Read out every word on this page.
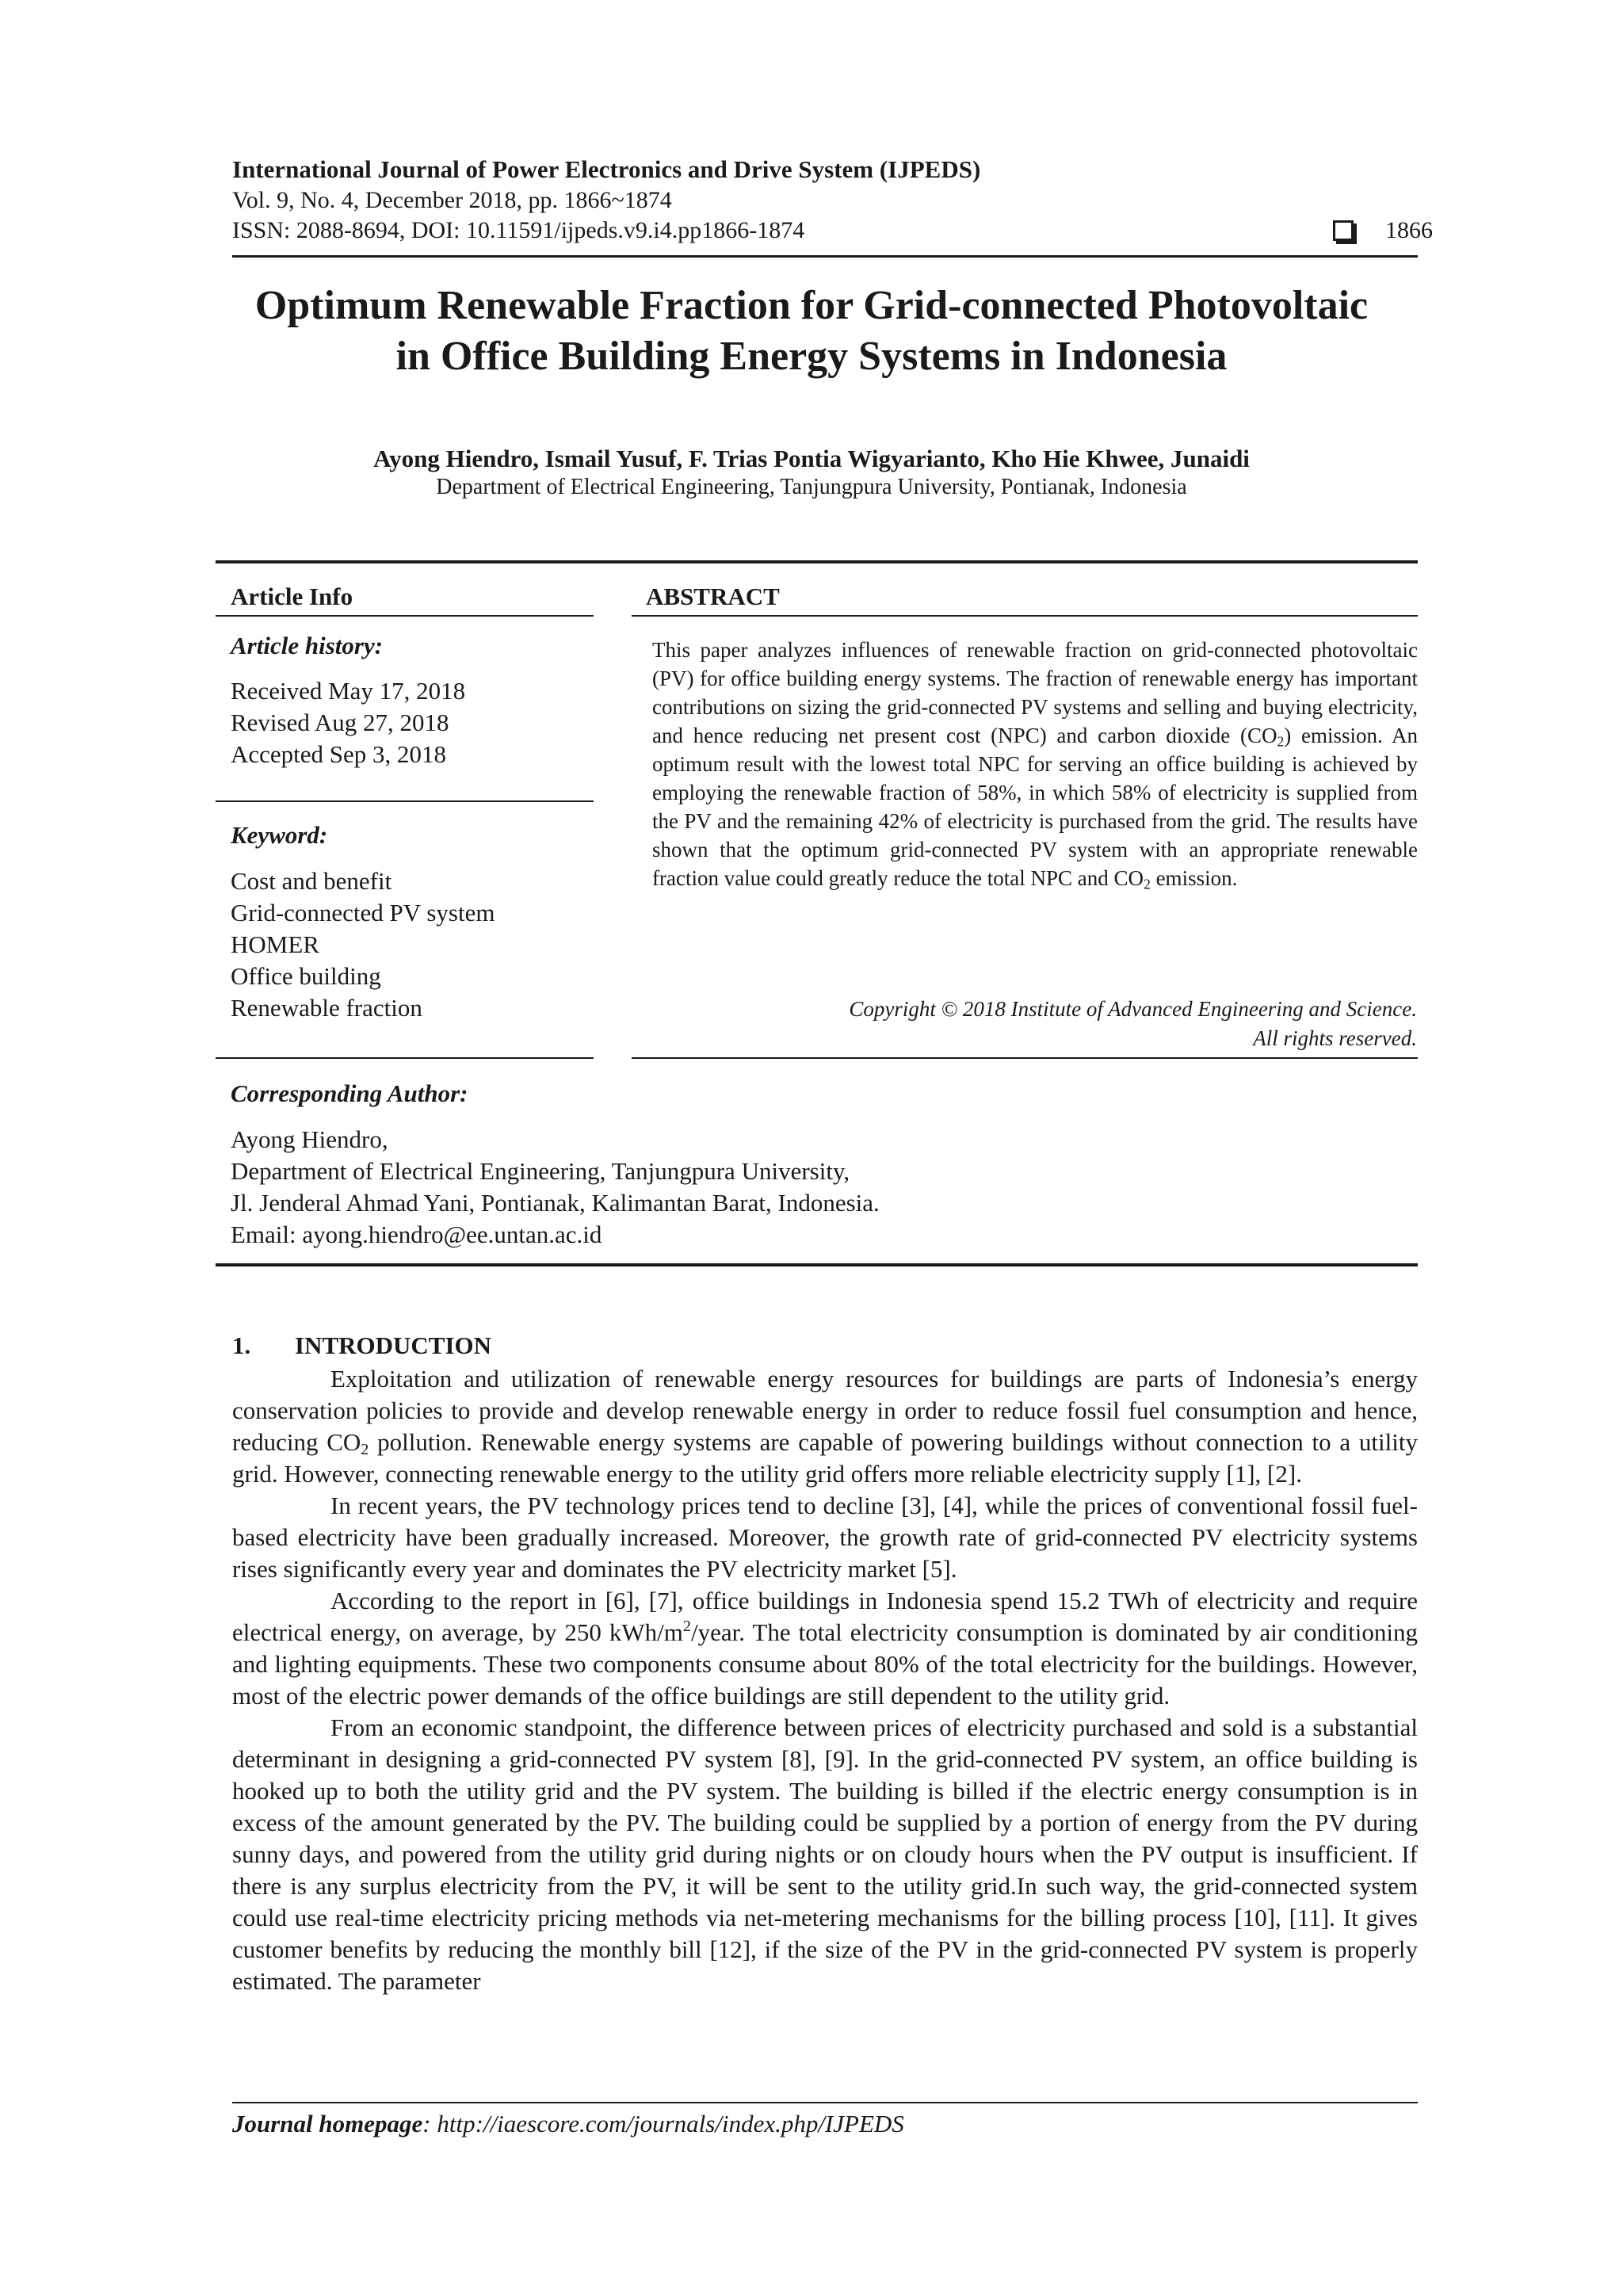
International Journal of Power Electronics and Drive System (IJPEDS)
Vol. 9, No. 4, December 2018, pp. 1866~1874
ISSN: 2088-8694, DOI: 10.11591/ijpeds.v9.i4.pp1866-1874	1866
Optimum Renewable Fraction for Grid-connected Photovoltaic
in Office Building Energy Systems in Indonesia
Ayong Hiendro, Ismail Yusuf, F. Trias Pontia Wigyarianto, Kho Hie Khwee, Junaidi
Department of Electrical Engineering, Tanjungpura University, Pontianak, Indonesia
Article Info
Article history:
Received May 17, 2018
Revised Aug 27, 2018
Accepted Sep 3, 2018
Keyword:
Cost and benefit
Grid-connected PV system
HOMER
Office building
Renewable fraction
ABSTRACT
This paper analyzes influences of renewable fraction on grid-connected photovoltaic (PV) for office building energy systems. The fraction of renewable energy has important contributions on sizing the grid-connected PV systems and selling and buying electricity, and hence reducing net present cost (NPC) and carbon dioxide $(CO_2)$ emission. An optimum result with the lowest total NPC for serving an office building is achieved by employing the renewable fraction of 58%, in which 58% of electricity is supplied from the PV and the remaining 42% of electricity is purchased from the grid. The results have shown that the optimum grid-connected PV system with an appropriate renewable fraction value could greatly reduce the total NPC and $CO_2$ emission.
Copyright © 2018 Institute of Advanced Engineering and Science.
All rights reserved.
Corresponding Author:
Ayong Hiendro,
Department of Electrical Engineering, Tanjungpura University,
Jl. Jenderal Ahmad Yani, Pontianak, Kalimantan Barat, Indonesia.
Email: ayong.hiendro@ee.untan.ac.id
1. INTRODUCTION

Exploitation and utilization of renewable energy resources for buildings are parts of Indonesia’s energy conservation policies to provide and develop renewable energy in order to reduce fossil fuel consumption and hence, reducing $CO_2$ pollution. Renewable energy systems are capable of powering buildings without connection to a utility grid. However, connecting renewable energy to the utility grid offers more reliable electricity supply [1], [2].

In recent years, the PV technology prices tend to decline [3], [4], while the prices of conventional fossil fuel-based electricity have been gradually increased. Moreover, the growth rate of grid-connected PV electricity systems rises significantly every year and dominates the PV electricity market [5].

According to the report in [6], [7], office buildings in Indonesia spend 15.2 TWh of electricity and require electrical energy, on average, by 250 kWh/$m^2$/year. The total electricity consumption is dominated by air conditioning and lighting equipments. These two components consume about 80% of the total electricity for the buildings. However, most of the electric power demands of the office buildings are still dependent to the utility grid.

From an economic standpoint, the difference between prices of electricity purchased and sold is a substantial determinant in designing a grid-connected PV system [8], [9]. In the grid-connected PV system, an office building is hooked up to both the utility grid and the PV system. The building is billed if the electric energy consumption is in excess of the amount generated by the PV. The building could be supplied by a portion of energy from the PV during sunny days, and powered from the utility grid during nights or on cloudy hours when the PV output is insufficient. If there is any surplus electricity from the PV, it will be sent to the utility grid.In such way, the grid-connected system could use real-time electricity pricing methods via net-metering mechanisms for the billing process [10], [11]. It gives customer benefits by reducing the monthly bill [12], if the size of the PV in the grid-connected PV system is properly estimated. The parameter

Journal homepage: http://iaescore.com/journals/index.php/IJPEDS
